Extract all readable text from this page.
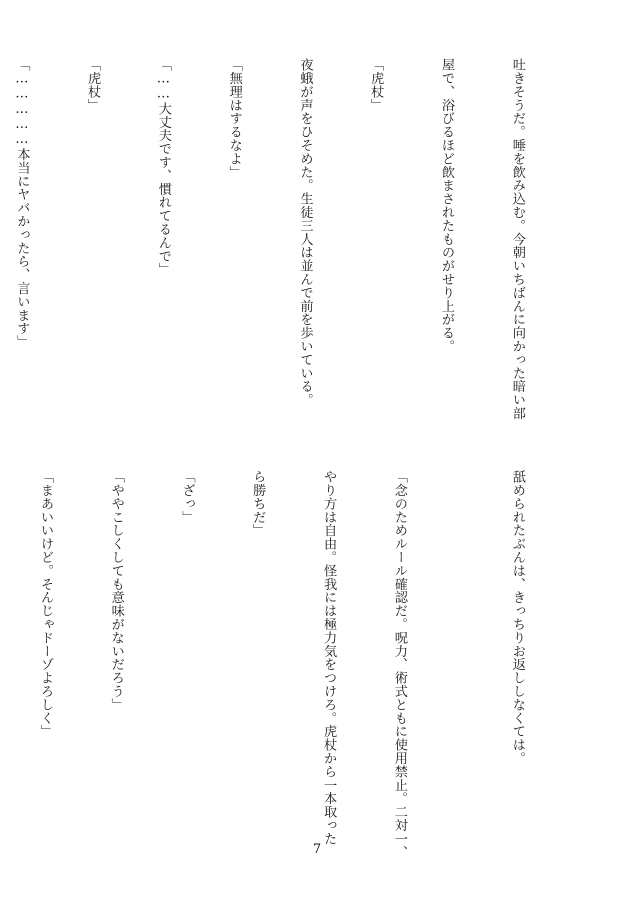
吐きそうだ。唾を飲み込む。今朝いちばんに向かった暗い部

屋で、浴びるほど飲まされたものがせり上がる。

「虎杖」

夜蛾が声をひそめた。生徒三人は並んで前を歩いている。

「無理はするなよ」

「……大丈夫です、慣れてるんで」

「虎杖」

「……………本当にヤバかったら、言います」

舐められたぶんは、きっちりお返ししなくては。

「念のためルール確認だ。呪力、術式ともに使用禁止。二対一、

やり方は自由。怪我には極力気をつけろ。虎杖から一本取った

ら勝ちだ」

「ざっ」

「ややこしくしても意味がないだろう」

「まあいいけど。そんじゃドーゾよろしく」

7
